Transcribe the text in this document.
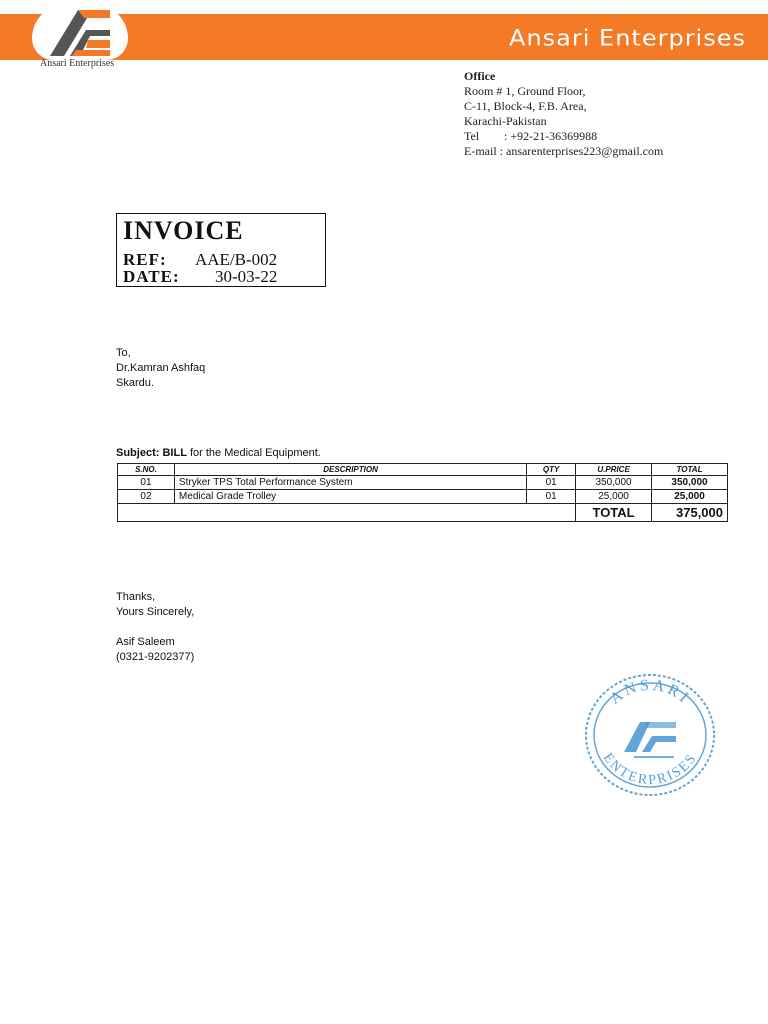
Ansari Enterprises
Ansari Enterprises
Office
Room # 1, Ground Floor,
C-11, Block-4, F.B. Area,
Karachi-Pakistan
Tel : +92-21-36369988
E-mail : ansarenterprises223@gmail.com
INVOICE
REF: AAE/B-002
DATE: 30-03-22
To,
Dr.Kamran Ashfaq
Skardu.
Subject: BILL for the Medical Equipment.
S.NO.	DESCRIPTION	QTY	U.PRICE	TOTAL
01	Stryker TPS Total Performance System	01	350,000	350,000
02	Medical Grade Trolley	01	25,000	25,000
			TOTAL	375,000
Thanks,
Yours Sincerely,
Asif Saleem
(0321-9202377)
ANSARI
ENTERPRISES
